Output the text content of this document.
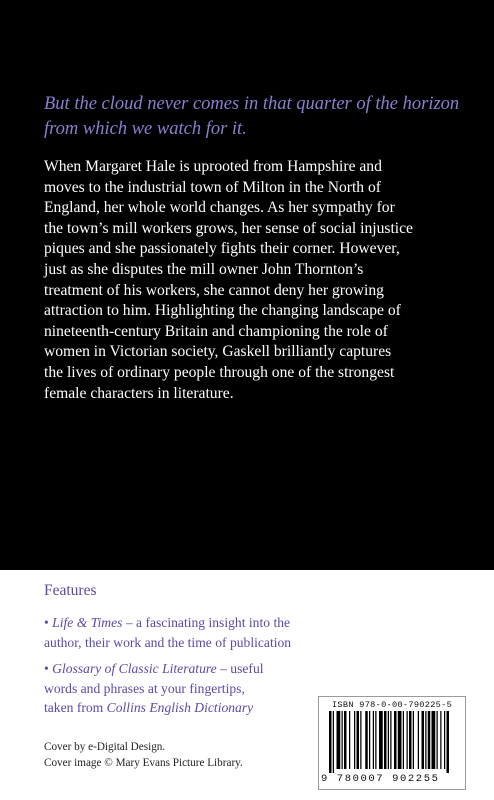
But the cloud never comes in that quarter of the horizon from which we watch for it.

When Margaret Hale is uprooted from Hampshire and
moves to the industrial town of Milton in the North of
England, her whole world changes. As her sympathy for
the town’s mill workers grows, her sense of social injustice
piques and she passionately fights their corner. However,
just as she disputes the mill owner John Thornton’s
treatment of his workers, she cannot deny her growing
attraction to him. Highlighting the changing landscape of
nineteenth-century Britain and championing the role of
women in Victorian society, Gaskell brilliantly captures
the lives of ordinary people through one of the strongest
female characters in literature.

Features

• Life & Times – a fascinating insight into the
author, their work and the time of publication

• Glossary of Classic Literature – useful
words and phrases at your fingertips,
taken from Collins English Dictionary

Cover by e-Digital Design.
Cover image © Mary Evans Picture Library.

ISBN 978-0-00-790225-5
9 780007 902255
